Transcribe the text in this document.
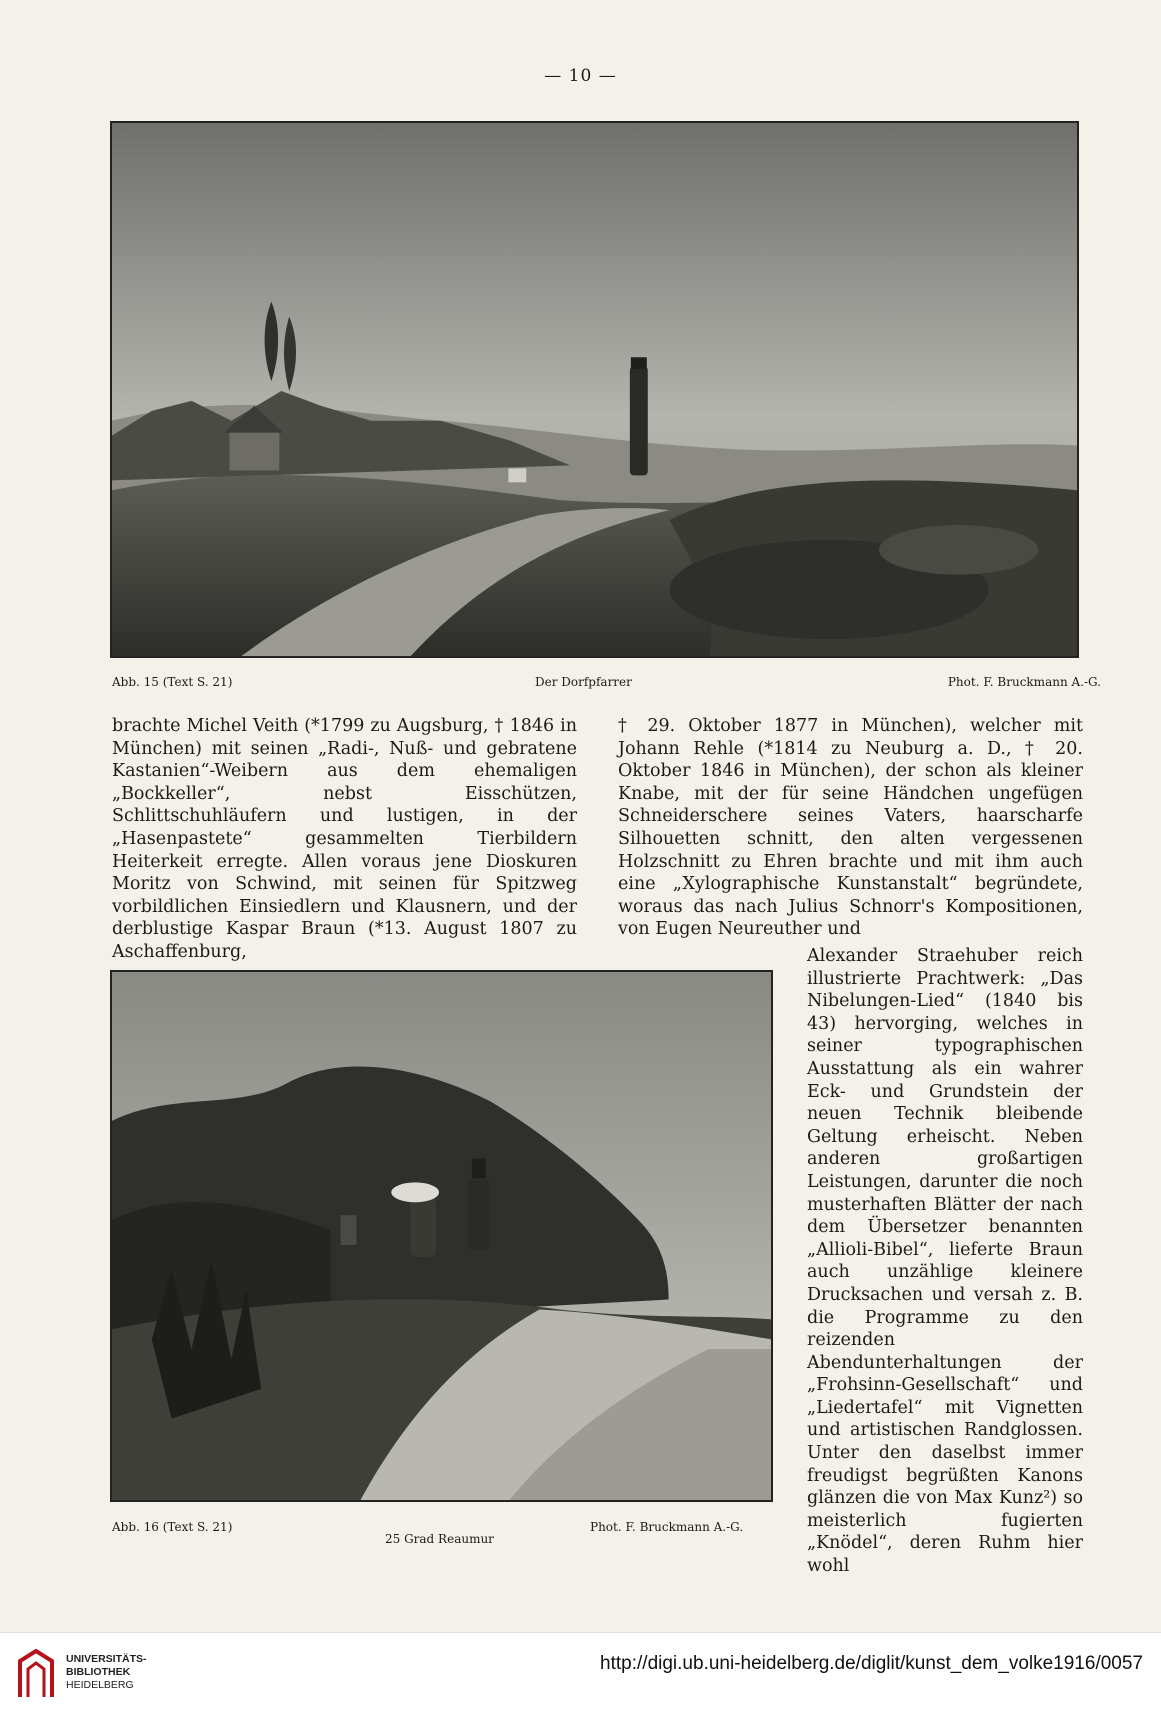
— 10 —
Abb. 15 (Text S. 21)	Der Dorfpfarrer	Phot. F. Bruckmann A.-G.

brachte Michel Veith (*1799 zu Augsburg, † 1846 in München) mit seinen „Radi-, Nuß- und gebratene Kastanien“-Weibern aus dem ehemaligen „Bockkeller“, nebst Eisschützen, Schlittschuhläufern und lustigen, in der „Hasenpastete“ gesammelten Tierbildern Heiterkeit erregte. Allen voraus jene Dioskuren Moritz von Schwind, mit seinen für Spitzweg vorbildlichen Einsiedlern und Klausnern, und der derblustige Kaspar Braun (*13. August 1807 zu Aschaffenburg,

† 29. Oktober 1877 in München), welcher mit Johann Rehle (*1814 zu Neuburg a. D., † 20. Oktober 1846 in München), der schon als kleiner Knabe, mit der für seine Händchen ungefügen Schneiderschere seines Vaters, haarscharfe Silhouetten schnitt, den alten vergessenen Holzschnitt zu Ehren brachte und mit ihm auch eine „Xylographische Kunstanstalt“ begründete, woraus das nach Julius Schnorr's Kompositionen, von Eugen Neureuther und

Abb. 16 (Text S. 21)
25 Grad Reaumur
Phot. F. Bruckmann A.-G.

Alexander Straehuber reich illustrierte Prachtwerk: „Das Nibelungen-Lied“ (1840 bis 43) hervorging, welches in seiner typographischen Ausstattung als ein wahrer Eck- und Grundstein der neuen Technik bleibende Geltung erheischt. Neben anderen großartigen Leistungen, darunter die noch musterhaften Blätter der nach dem Übersetzer benannten „Allioli-Bibel“, lieferte Braun auch unzählige kleinere Drucksachen und versah z. B. die Programme zu den reizenden Abendunterhaltungen der „Frohsinn-Gesellschaft“ und „Liedertafel“ mit Vignetten und artistischen Randglossen. Unter den daselbst immer freudigst begrüßten Kanons glänzen die von Max Kunz²) so meisterlich fugierten „Knödel“, deren Ruhm hier wohl

UNIVERSITÄTS-
BIBLIOTHEK
HEIDELBERG
http://digi.ub.uni-heidelberg.de/diglit/kunst_dem_volke1916/0057
